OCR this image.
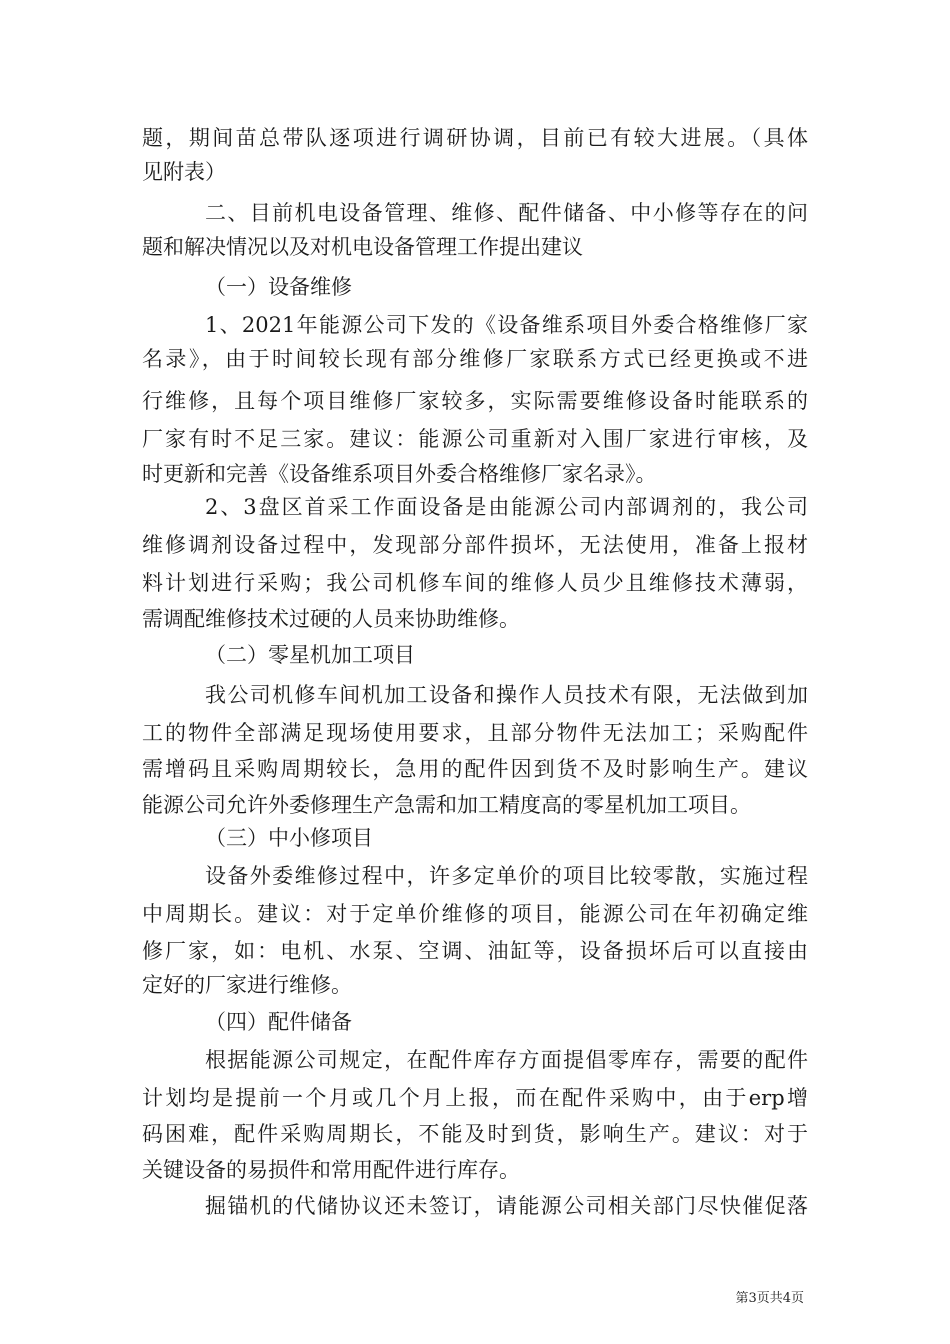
题，期间苗总带队逐项进行调研协调，目前已有较大进展。（具体
见附表）
二、目前机电设备管理、维修、配件储备、中小修等存在的问
题和解决情况以及对机电设备管理工作提出建议
（一）设备维修
1、2021年能源公司下发的《设备维系项目外委合格维修厂家
名录》，由于时间较长现有部分维修厂家联系方式已经更换或不进
行维修，且每个项目维修厂家较多，实际需要维修设备时能联系的
厂家有时不足三家。建议：能源公司重新对入围厂家进行审核，及
时更新和完善《设备维系项目外委合格维修厂家名录》。
2、3盘区首采工作面设备是由能源公司内部调剂的，我公司
维修调剂设备过程中，发现部分部件损坏，无法使用，准备上报材
料计划进行采购；我公司机修车间的维修人员少且维修技术薄弱，
需调配维修技术过硬的人员来协助维修。
（二）零星机加工项目
我公司机修车间机加工设备和操作人员技术有限，无法做到加
工的物件全部满足现场使用要求，且部分物件无法加工；采购配件
需增码且采购周期较长，急用的配件因到货不及时影响生产。建议
能源公司允许外委修理生产急需和加工精度高的零星机加工项目。
（三）中小修项目
设备外委维修过程中，许多定单价的项目比较零散，实施过程
中周期长。建议：对于定单价维修的项目，能源公司在年初确定维
修厂家，如：电机、水泵、空调、油缸等，设备损坏后可以直接由
定好的厂家进行维修。
（四）配件储备
根据能源公司规定，在配件库存方面提倡零库存，需要的配件
计划均是提前一个月或几个月上报，而在配件采购中，由于erp增
码困难，配件采购周期长，不能及时到货，影响生产。建议：对于
关键设备的易损件和常用配件进行库存。
掘锚机的代储协议还未签订，请能源公司相关部门尽快催促落
第3页共4页
